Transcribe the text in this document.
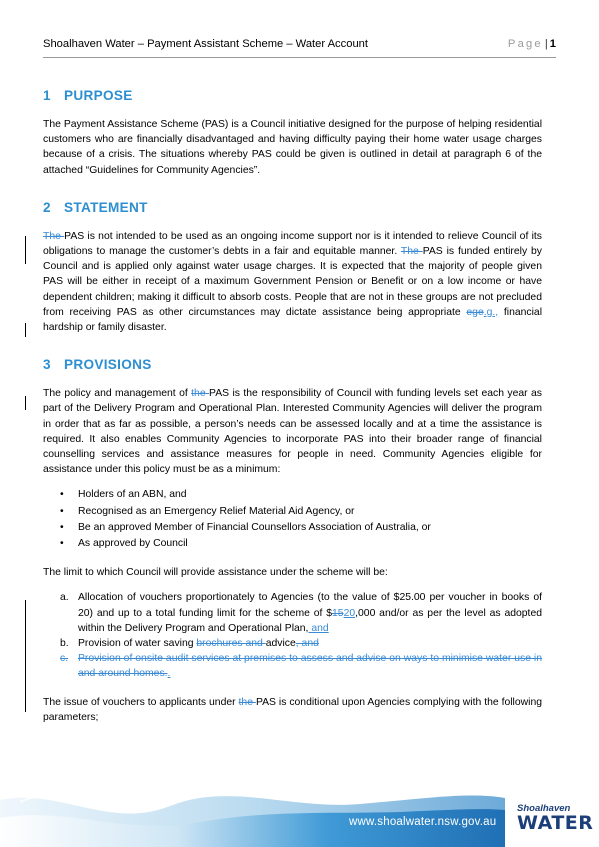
Shoalhaven Water – Payment Assistant Scheme – Water Account	Page | 1
1 PURPOSE

The Payment Assistance Scheme (PAS) is a Council initiative designed for the purpose of helping residential customers who are financially disadvantaged and having difficulty paying their home water usage charges because of a crisis. The situations whereby PAS could be given is outlined in detail at paragraph 6 of the attached “Guidelines for Community Agencies”.

2 STATEMENT

The PAS is not intended to be used as an ongoing income support nor is it intended to relieve Council of its obligations to manage the customer’s debts in a fair and equitable manner. The PAS is funded entirely by Council and is applied only against water usage charges. It is expected that the majority of people given PAS will be either in receipt of a maximum Government Pension or Benefit or on a low income or have dependent children; making it difficult to absorb costs. People that are not in these groups are not precluded from receiving PAS as other circumstances may dictate assistance being appropriate ege.g., financial hardship or family disaster.

3 PROVISIONS

The policy and management of the PAS is the responsibility of Council with funding levels set each year as part of the Delivery Program and Operational Plan. Interested Community Agencies will deliver the program in order that as far as possible, a person’s needs can be assessed locally and at a time the assistance is required. It also enables Community Agencies to incorporate PAS into their broader range of financial counselling services and assistance measures for people in need. Community Agencies eligible for assistance under this policy must be as a minimum:

• Holders of an ABN, and
• Recognised as an Emergency Relief Material Aid Agency, or
• Be an approved Member of Financial Counsellors Association of Australia, or
• As approved by Council

The limit to which Council will provide assistance under the scheme will be:

a. Allocation of vouchers proportionately to Agencies (to the value of $25.00 per voucher in books of 20) and up to a total funding limit for the scheme of $1520,000 and/or as per the level as adopted within the Delivery Program and Operational Plan, and
b. Provision of water saving brochures and advice, and
c. Provision of onsite audit services at premises to assess and advise on ways to minimise water use in and around homes..

The issue of vouchers to applicants under the PAS is conditional upon Agencies complying with the following parameters;

www.shoalwater.nsw.gov.au
Shoalhaven
WATER
